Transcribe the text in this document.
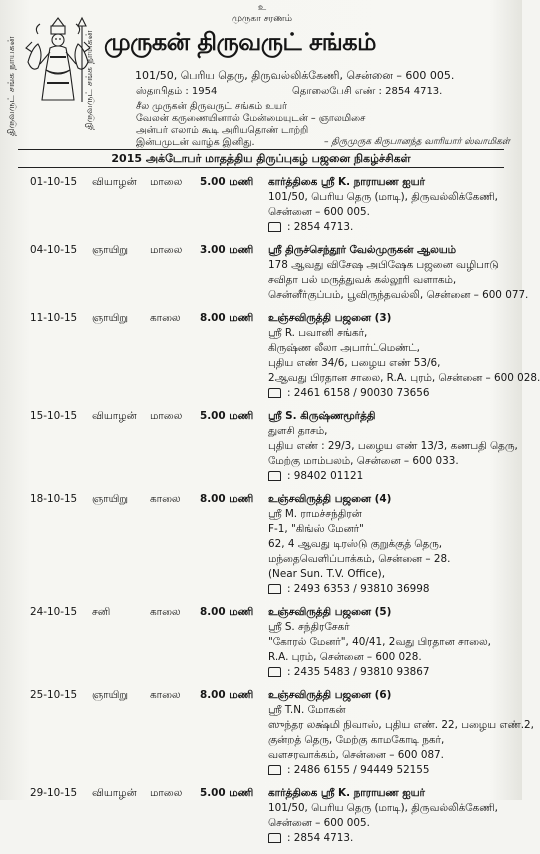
திருவருட் சங்க நாயகன்	திருவருட் சங்க நாயகன்
உ
முருகா சரணம்
முருகன் திருவருட் சங்கம்
101/50, பெரிய தெரு, திருவல்லிக்கேணி, சென்னை – 600 005.
ஸ்தாபிதம் : 1954	தொலைபேசி எண் : 2854 4713.
சீல முருகன் திருவருட் சங்கம் உயர்
வேலன் கருணையினால் மேன்மையுடன் – ஞாலமிசை
அன்பர் எலாம் கூடி அரியதொண் டாற்றி
இன்பமுடன் வாழ்க இனிது.	– திருமுருக கிருபானந்த வாரியார் ஸ்வாமிகள்
2015 அக்டோபர் மாதத்திய திருப்புகழ் பஜனை நிகழ்ச்சிகள்
01-10-15 வியாழன் மாலை 5.00 மணி கார்த்திகை ஸ்ரீ K. நாராயண ஐயர்
101/50, பெரிய தெரு (மாடி), திருவல்லிக்கேணி,
சென்னை – 600 005.
: 2854 4713.
04-10-15 ஞாயிறு மாலை 3.00 மணி ஸ்ரீ திருச்செந்தூர் வேல்முருகன் ஆலயம்
178 ஆவது விசேஷ அபிஷேக பஜனை வழிபாடு
சவிதா பல் மருத்துவக் கல்லூரி வளாகம்,
சென்னீர்குப்பம், பூவிருந்தவல்லி, சென்னை – 600 077.
11-10-15 ஞாயிறு காலை 8.00 மணி உஞ்சவிருத்தி பஜனை (3)
ஸ்ரீ R. பவானி சங்கர்,
கிருஷ்ண லீலா அபார்ட்மெண்ட்,
புதிய எண் 34/6, பழைய எண் 53/6,
2ஆவது பிரதான சாலை, R.A. புரம், சென்னை – 600 028.
: 2461 6158 / 90030 73656
15-10-15 வியாழன் மாலை 5.00 மணி ஸ்ரீ S. கிருஷ்ணமூர்த்தி
துளசி தாசம்,
புதிய எண் : 29/3, பழைய எண் 13/3, கணபதி தெரு,
மேற்கு மாம்பலம், சென்னை – 600 033.
: 98402 01121
18-10-15 ஞாயிறு காலை 8.00 மணி உஞ்சவிருத்தி பஜனை (4)
ஸ்ரீ M. ராமச்சந்திரன்
F-1, "கிங்ஸ் மேனர்"
62, 4 ஆவது டிரஸ்டு குறுக்குத் தெரு,
மந்தைவெளிப்பாக்கம், சென்னை – 28.
(Near Sun. T.V. Office),
: 2493 6353 / 93810 36998
24-10-15 சனி	காலை 8.00 மணி உஞ்சவிருத்தி பஜனை (5)
ஸ்ரீ S. சந்திரசேகர்
"கோரல் மேனர்", 40/41, 2வது பிரதான சாலை,
R.A. புரம், சென்னை – 600 028.
: 2435 5483 / 93810 93867
25-10-15 ஞாயிறு காலை 8.00 மணி உஞ்சவிருத்தி பஜனை (6)
ஸ்ரீ T.N. மோகன்
ஸுந்தர லக்ஷ்மி நிவாஸ், புதிய எண். 22, பழைய எண்.2,
குன்றத் தெரு, மேற்கு காமகோடி நகர்,
வளசரவாக்கம், சென்னை – 600 087.
: 2486 6155 / 94449 52155
29-10-15 வியாழன் மாலை 5.00 மணி கார்த்திகை ஸ்ரீ K. நாராயண ஐயர்
101/50, பெரிய தெரு (மாடி), திருவல்லிக்கேணி,
சென்னை – 600 005.
: 2854 4713.
